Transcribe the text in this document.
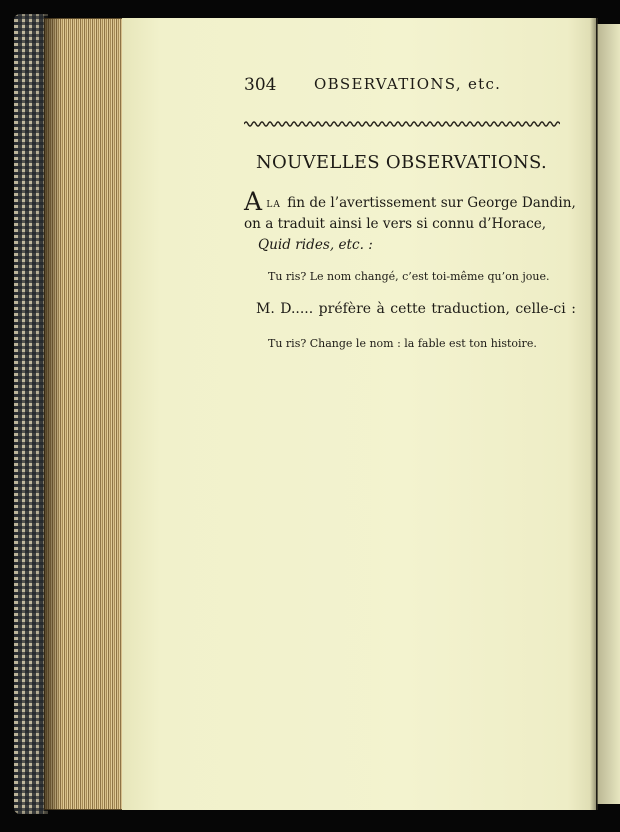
304	OBSERVATIONS, etc.
NOUVELLES OBSERVATIONS.
A LA fin de l’avertissement sur George Dandin,
on a traduit ainsi le vers si connu d’Horace,
Quid rides, etc. :
Tu ris? Le nom changé, c’est toi-même qu’on joue.
M. D..... préfère à cette traduction, celle-ci :
Tu ris? Change le nom : la fable est ton histoire.
